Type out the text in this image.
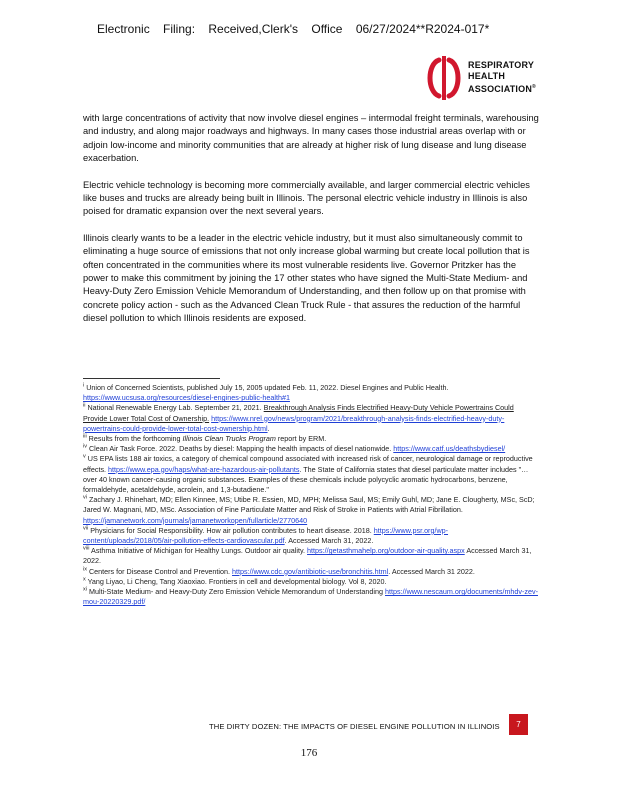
Electronic Filing: Received,Clerk's Office 06/27/2024**R2024-017*
RESPIRATORY
HEALTH
ASSOCIATION®

with large concentrations of activity that now involve diesel engines – intermodal freight terminals, warehousing and industry, and along major roadways and highways. In many cases those industrial areas overlap with or adjoin low-income and minority communities that are already at higher risk of lung disease and lung disease exacerbation.

Electric vehicle technology is becoming more commercially available, and larger commercial electric vehicles like buses and trucks are already being built in Illinois. The personal electric vehicle industry in Illinois is also poised for dramatic expansion over the next several years.

Illinois clearly wants to be a leader in the electric vehicle industry, but it must also simultaneously commit to eliminating a huge source of emissions that not only increase global warming but create local pollution that is often concentrated in the communities where its most vulnerable residents live. Governor Pritzker has the power to make this commitment by joining the 17 other states who have signed the Multi-State Medium- and Heavy-Duty Zero Emission Vehicle Memorandum of Understanding, and then follow up on that promise with concrete policy action - such as the Advanced Clean Truck Rule - that assures the reduction of the harmful diesel pollution to which Illinois residents are exposed.

$^i$ Union of Concerned Scientists, published July 15, 2005 updated Feb. 11, 2022. Diesel Engines and Public Health. https://www.ucsusa.org/resources/diesel-engines-public-health#1

$^{ii}$ National Renewable Energy Lab. September 21, 2021. Breakthrough Analysis Finds Electrified Heavy-Duty Vehicle Powertrains Could Provide Lower Total Cost of Ownership. https://www.nrel.gov/news/program/2021/breakthrough-analysis-finds-electrified-heavy-duty-powertrains-could-provide-lower-total-cost-ownership.html.

$^{iii}$ Results from the forthcoming Illinois Clean Trucks Program report by ERM.

$^{iv}$ Clean Air Task Force. 2022. Deaths by diesel: Mapping the health impacts of diesel nationwide. https://www.catf.us/deathsbydiesel/

$^v$ US EPA lists 188 air toxics, a category of chemical compound associated with increased risk of cancer, neurological damage or reproductive effects. https://www.epa.gov/haps/what-are-hazardous-air-pollutants. The State of California states that diesel particulate matter includes "… over 40 known cancer-causing organic substances. Examples of these chemicals include polycyclic aromatic hydrocarbons, benzene, formaldehyde, acetaldehyde, acrolein, and 1,3-butadiene."

$^{vi}$ Zachary J. Rhinehart, MD; Ellen Kinnee, MS; Utibe R. Essien, MD, MPH; Melissa Saul, MS; Emily Guhl, MD; Jane E. Clougherty, MSc, ScD; Jared W. Magnani, MD, MSc. Association of Fine Particulate Matter and Risk of Stroke in Patients with Atrial Fibrillation. https://jamanetwork.com/journals/jamanetworkopen/fullarticle/2770640

$^{vii}$ Physicians for Social Responsibility. How air pollution contributes to heart disease. 2018. https://www.psr.org/wp-content/uploads/2018/05/air-pollution-effects-cardiovascular.pdf. Accessed March 31, 2022.

$^{viii}$ Asthma Initiative of Michigan for Healthy Lungs. Outdoor air quality. https://getasthmahelp.org/outdoor-air-quality.aspx Accessed March 31, 2022.

$^{ix}$ Centers for Disease Control and Prevention. https://www.cdc.gov/antibiotic-use/bronchitis.html. Accessed March 31 2022.

$^x$ Yang Liyao, Li Cheng, Tang Xiaoxiao. Frontiers in cell and developmental biology. Vol 8, 2020.

$^{xi}$ Multi-State Medium- and Heavy-Duty Zero Emission Vehicle Memorandum of Understanding https://www.nescaum.org/documents/mhdv-zev-mou-20220329.pdf/

THE DIRTY DOZEN: THE IMPACTS OF DIESEL ENGINE POLLUTION IN ILLINOIS	7
176
